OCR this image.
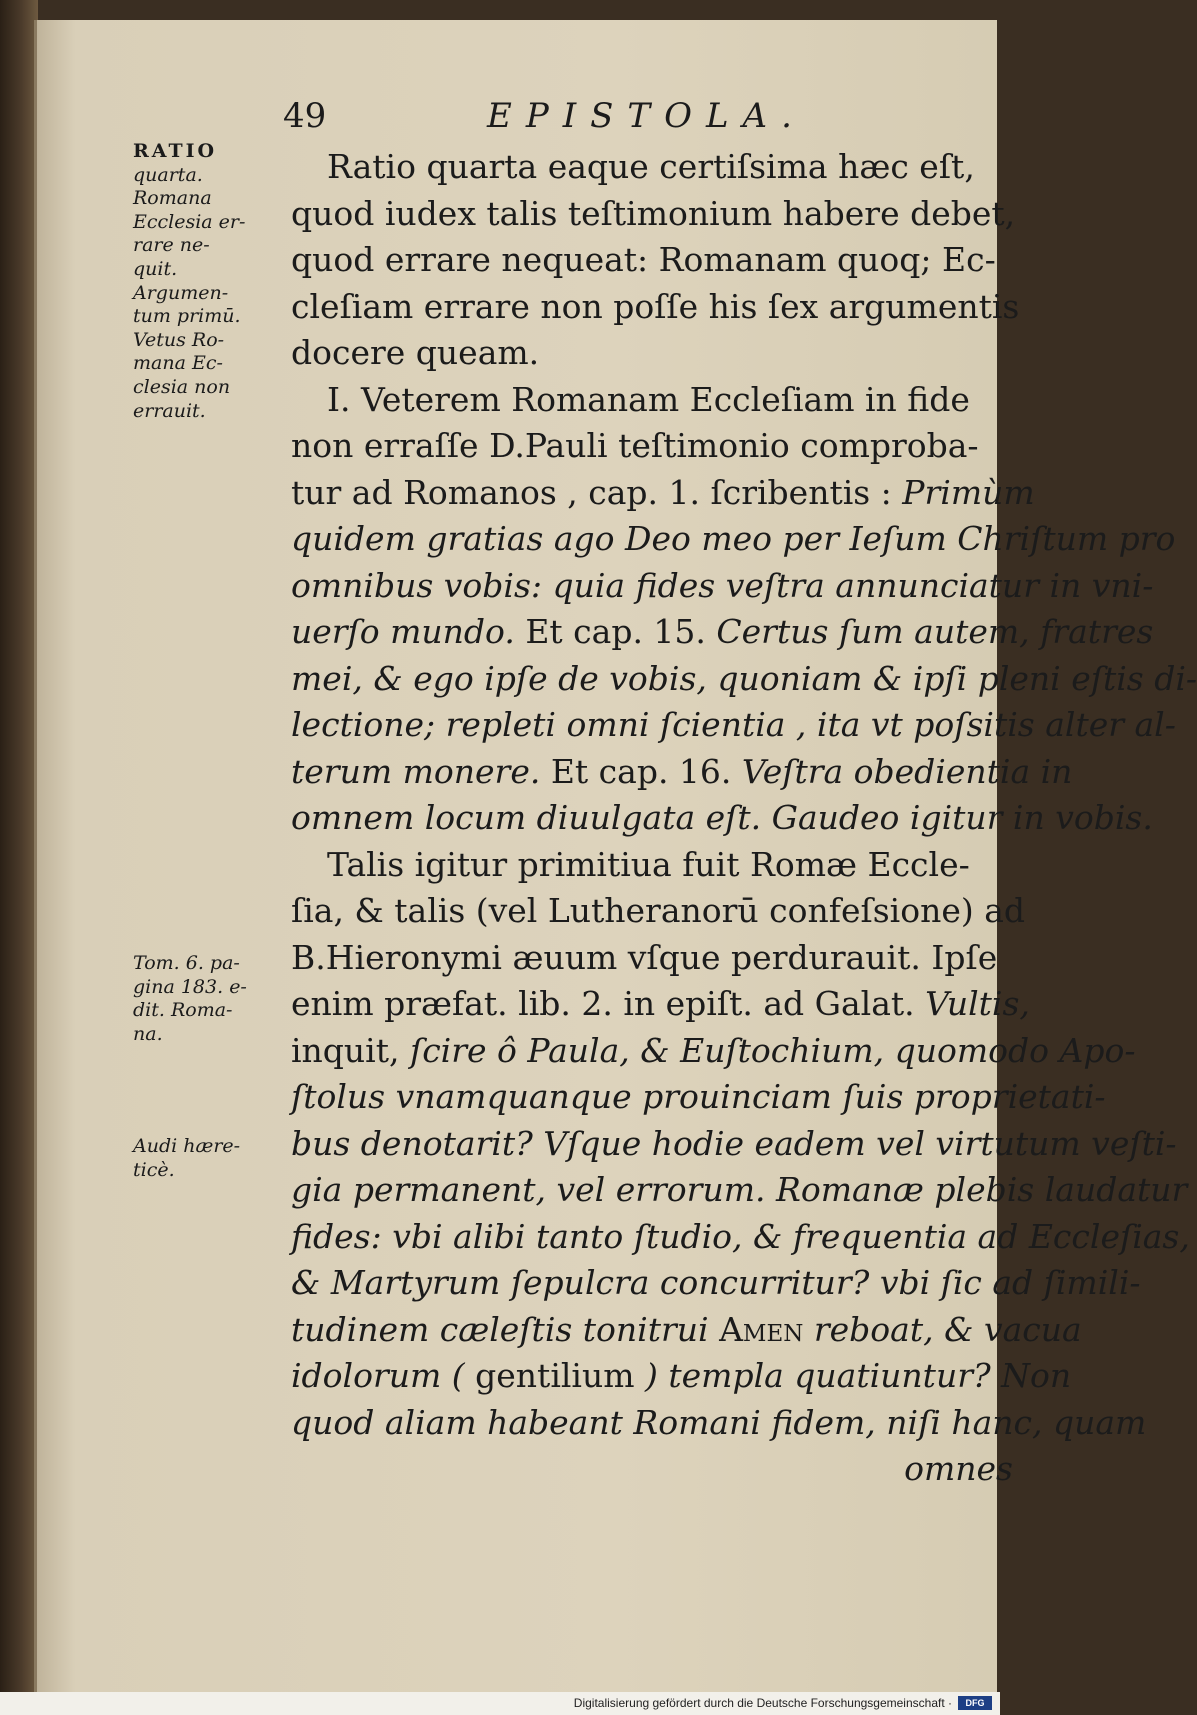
49	EPISTOLA.
RATIO
quarta.
Romana
Ecclesia er-
rare ne-
quit.
Argumen-
tum primū.
Vetus Ro-
mana Ec-
clesia non
errauit.
Tom. 6. pa-
gina 183. e-
dit. Roma-
na.
Audi hære-
ticè.
Ratio quarta eaque certiſsima hæc eſt,
quod iudex talis teſtimonium habere debet,
quod errare nequeat: Romanam quoq; Ec-
cleſiam errare non poſſe his ſex argumentis
docere queam.
I. Veterem Romanam Eccleſiam in fide
non erraſſe D.Pauli teſtimonio comproba-
tur ad Romanos , cap. 1. ſcribentis : Primùm
quidem gratias ago Deo meo per Ieſum Chriſtum pro
omnibus vobis: quia fides veſtra annunciatur in vni-
uerſo mundo. Et cap. 15. Certus ſum autem, fratres
mei, & ego ipſe de vobis, quoniam & ipſi pleni eſtis di-
lectione; repleti omni ſcientia , ita vt poſsitis alter al-
terum monere. Et cap. 16. Veſtra obedientia in
omnem locum diuulgata eſt. Gaudeo igitur in vobis.
Talis igitur primitiua fuit Romæ Eccle-
ſia, & talis (vel Lutheranorū confeſsione) ad
B.Hieronymi æuum vſque perdurauit. Ipſe
enim præfat. lib. 2. in epiſt. ad Galat. Vultis,
inquit, ſcire ô Paula, & Euſtochium, quomodo Apo-
ſtolus vnamquanque prouinciam ſuis proprietati-
bus denotarit? Vſque hodie eadem vel virtutum veſti-
gia permanent, vel errorum. Romanæ plebis laudatur
fides: vbi alibi tanto ſtudio, & frequentia ad Eccleſias,
& Martyrum ſepulcra concurritur? vbi ſic ad ſimili-
tudinem cæleſtis tonitrui Amen reboat, & vacua
idolorum ( gentilium ) templa quatiuntur? Non
quod aliam habeant Romani fidem, niſi hanc, quam
omnes
Digitalisierung gefördert durch die Deutsche Forschungsgemeinschaft ·	DFG
